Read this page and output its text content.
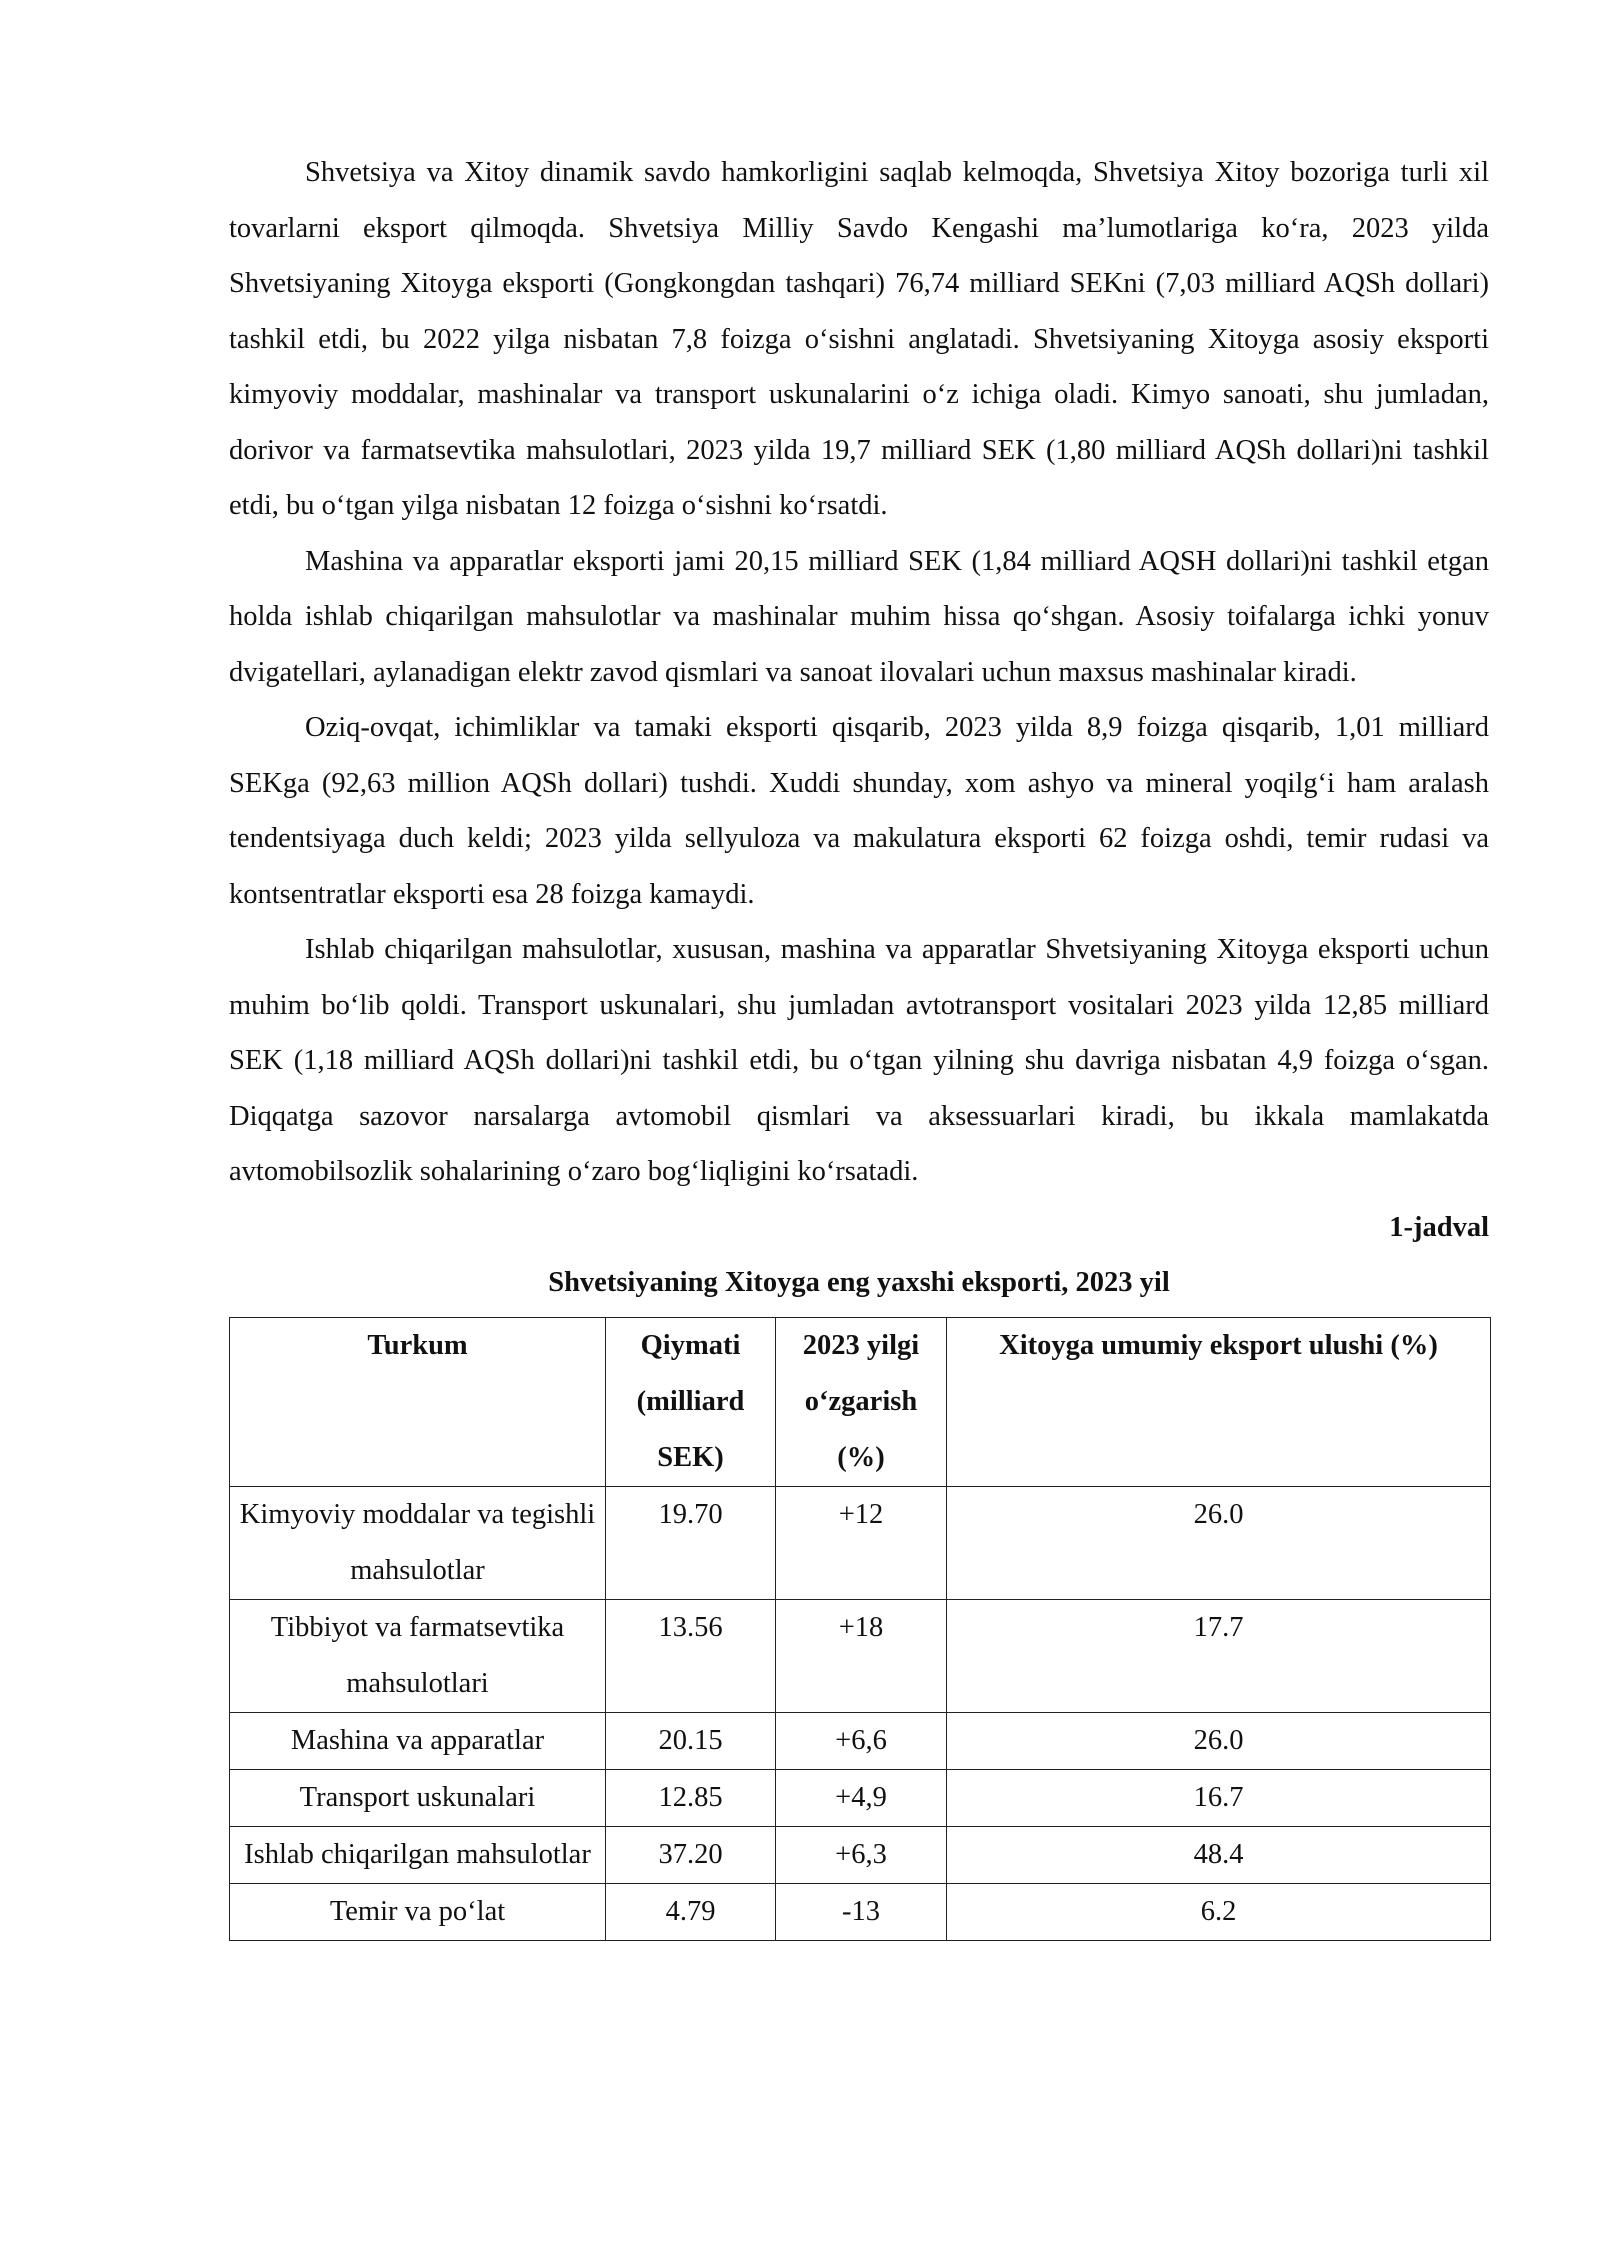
Shvetsiya va Xitoy dinamik savdo hamkorligini saqlab kelmoqda, Shvetsiya Xitoy bozoriga turli xil tovarlarni eksport qilmoqda. Shvetsiya Milliy Savdo Kengashi ma’lumotlariga ko‘ra, 2023 yilda Shvetsiyaning Xitoyga eksporti (Gongkongdan tashqari) 76,74 milliard SEKni (7,03 milliard AQSh dollari) tashkil etdi, bu 2022 yilga nisbatan 7,8 foizga o‘sishni anglatadi. Shvetsiyaning Xitoyga asosiy eksporti kimyoviy moddalar, mashinalar va transport uskunalarini o‘z ichiga oladi. Kimyo sanoati, shu jumladan, dorivor va farmatsevtika mahsulotlari, 2023 yilda 19,7 milliard SEK (1,80 milliard AQSh dollari)ni tashkil etdi, bu o‘tgan yilga nisbatan 12 foizga o‘sishni ko‘rsatdi.

Mashina va apparatlar eksporti jami 20,15 milliard SEK (1,84 milliard AQSH dollari)ni tashkil etgan holda ishlab chiqarilgan mahsulotlar va mashinalar muhim hissa qo‘shgan. Asosiy toifalarga ichki yonuv dvigatellari, aylanadigan elektr zavod qismlari va sanoat ilovalari uchun maxsus mashinalar kiradi.

Oziq-ovqat, ichimliklar va tamaki eksporti qisqarib, 2023 yilda 8,9 foizga qisqarib, 1,01 milliard SEKga (92,63 million AQSh dollari) tushdi. Xuddi shunday, xom ashyo va mineral yoqilg‘i ham aralash tendentsiyaga duch keldi; 2023 yilda sellyuloza va makulatura eksporti 62 foizga oshdi, temir rudasi va kontsentratlar eksporti esa 28 foizga kamaydi.

Ishlab chiqarilgan mahsulotlar, xususan, mashina va apparatlar Shvetsiyaning Xitoyga eksporti uchun muhim bo‘lib qoldi. Transport uskunalari, shu jumladan avtotransport vositalari 2023 yilda 12,85 milliard SEK (1,18 milliard AQSh dollari)ni tashkil etdi, bu o‘tgan yilning shu davriga nisbatan 4,9 foizga o‘sgan. Diqqatga sazovor narsalarga avtomobil qismlari va aksessuarlari kiradi, bu ikkala mamlakatda avtomobilsozlik sohalarining o‘zaro bog‘liqligini ko‘rsatadi.

1-jadval

Shvetsiyaning Xitoyga eng yaxshi eksporti, 2023 yil

Turkum	Qiymati (milliard SEK)	2023 yilgi o‘zgarish (%)	Xitoyga umumiy eksport ulushi (%)
Kimyoviy moddalar va tegishli mahsulotlar	19.70	+12	26.0
Tibbiyot va farmatsevtika mahsulotlari	13.56	+18	17.7
Mashina va apparatlar	20.15	+6,6	26.0
Transport uskunalari	12.85	+4,9	16.7
Ishlab chiqarilgan mahsulotlar	37.20	+6,3	48.4
Temir va po‘lat	4.79	-13	6.2
